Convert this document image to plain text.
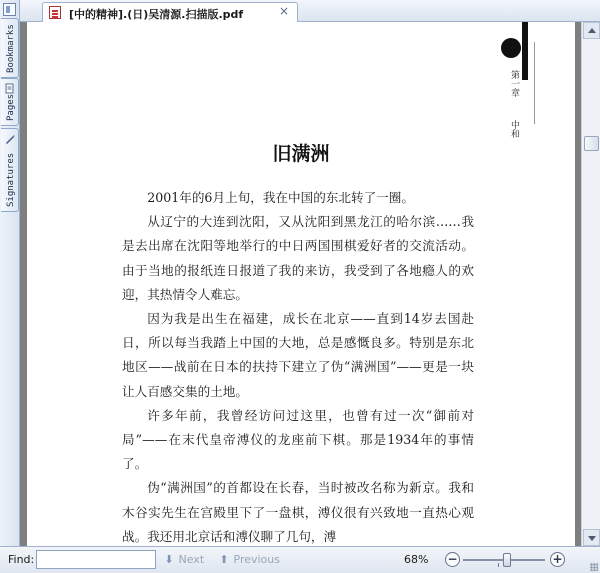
Bookmarks
Pages
Signatures
[中的精神].(日)吴清源.扫描版.pdf	×
第一章
中和
旧满洲

2001年的6月上旬，我在中国的东北转了一圈。

从辽宁的大连到沈阳，又从沈阳到黑龙江的哈尔滨……我是去出席在沈阳等地举行的中日两国围棋爱好者的交流活动。由于当地的报纸连日报道了我的来访，我受到了各地瘾人的欢迎，其热情令人难忘。

因为我是出生在福建，成长在北京——直到14岁去国赴日，所以每当我踏上中国的大地，总是感慨良多。特别是东北地区——战前在日本的扶持下建立了伪“满洲国”——更是一块让人百感交集的土地。

许多年前，我曾经访问过这里，也曾有过一次“御前对局”——在末代皇帝溥仪的龙座前下棋。那是1934年的事情了。

伪“满洲国”的首都设在长春，当时被改名称为新京。我和木谷实先生在宫殿里下了一盘棋，溥仪很有兴致地一直热心观战。我还用北京话和溥仪聊了几句，溥

Find:	⬇ Next ⬆ Previous	68% −	+
